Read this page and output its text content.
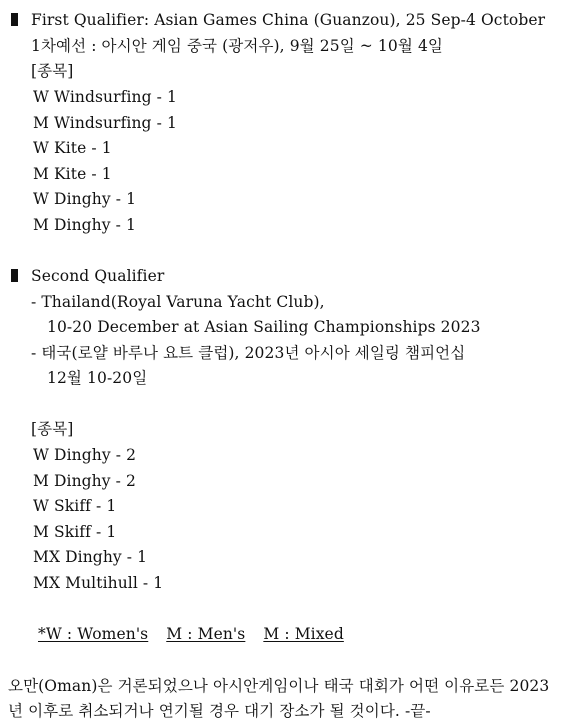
First Qualifier: Asian Games China (Guanzou), 25 Sep-4 October
1차예선 : 아시안 게임 중국 (광저우), 9월 25일 ~ 10월 4일
[종목]
W Windsurfing - 1
M Windsurfing - 1
W Kite - 1
M Kite - 1
W Dinghy - 1
M Dinghy - 1
Second Qualifier
- Thailand(Royal Varuna Yacht Club),
10-20 December at Asian Sailing Championships 2023
- 태국(로얄 바루나 요트 클럽), 2023년 아시아 세일링 챔피언십
12월 10-20일
[종목]
W Dinghy - 2
M Dinghy - 2
W Skiff - 1
M Skiff - 1
MX Dinghy - 1
MX Multihull - 1
*W : Women's M : Men's M : Mixed
오만(Oman)은 거론되었으나 아시안게임이나 태국 대회가 어떤 이유로든 2023
년 이후로 취소되거나 연기될 경우 대기 장소가 될 것이다. -끝-
